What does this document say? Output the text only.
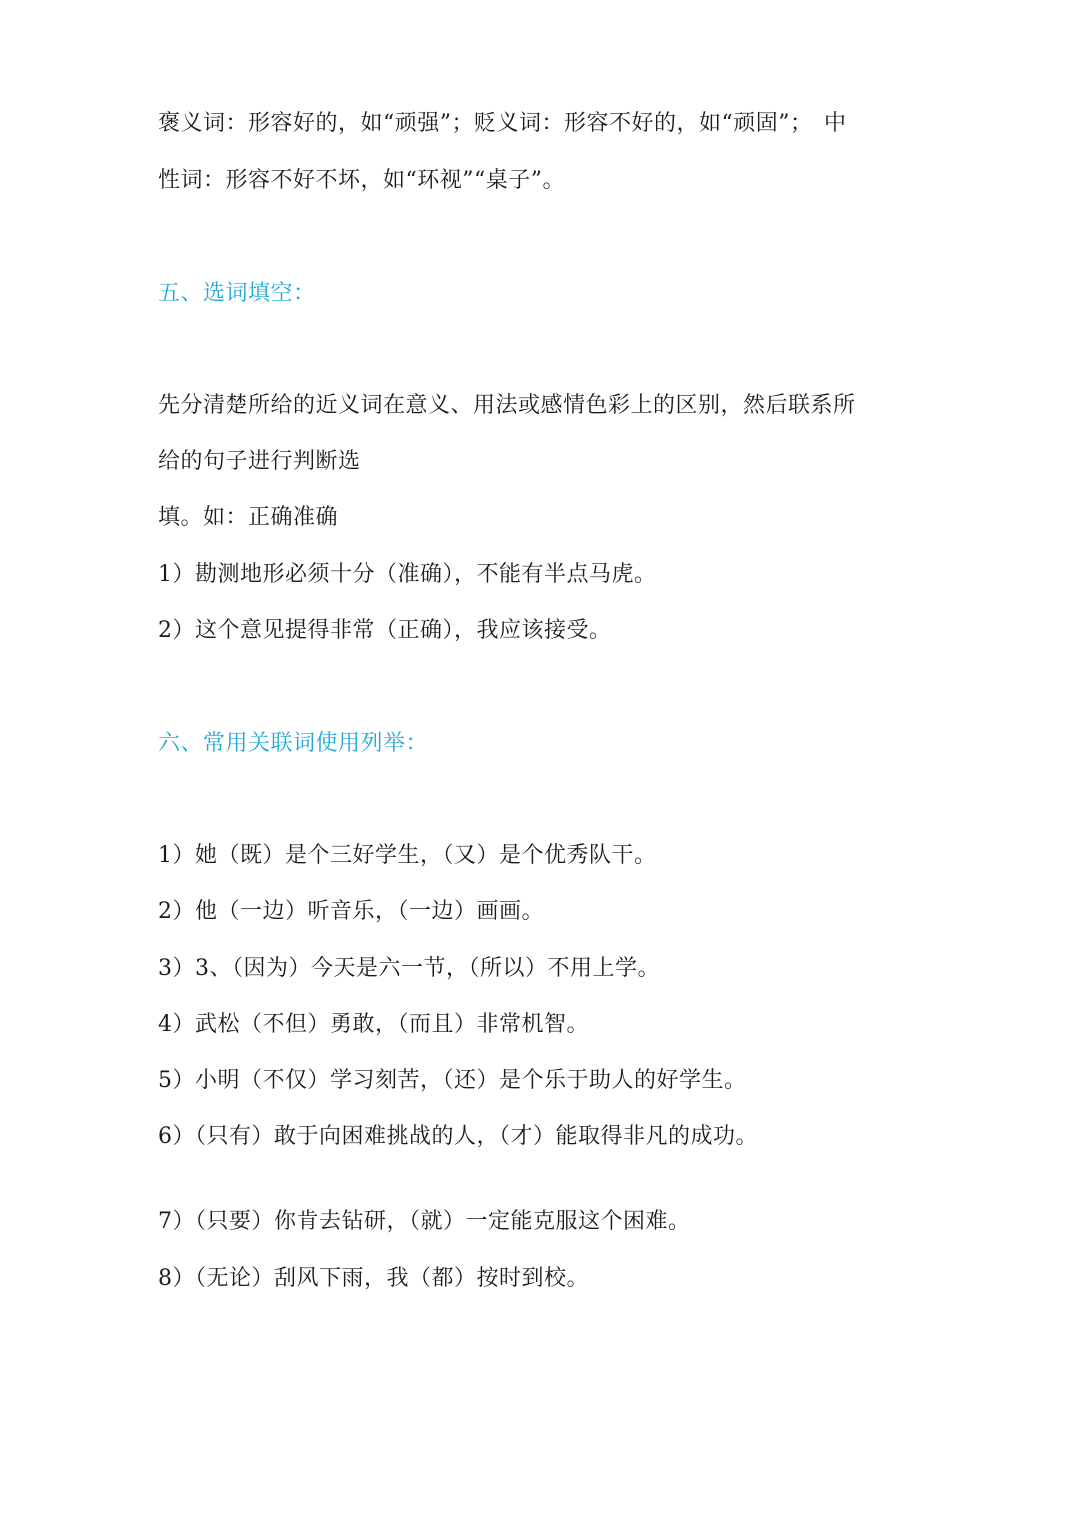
褒义词：形容好的，如“顽强”；贬义词：形容不好的，如“顽固”；　中
性词：形容不好不坏，如“环视”“桌子”。
五、选词填空：
先分清楚所给的近义词在意义、用法或感情色彩上的区别，然后联系所
给的句子进行判断选
填。如：正确准确
1）勘测地形必须十分（准确），不能有半点马虎。
2）这个意见提得非常（正确），我应该接受。
六、常用关联词使用列举：
1）她（既）是个三好学生，（又）是个优秀队干。
2）他（一边）听音乐，（一边）画画。
3）3、（因为）今天是六一节，（所以）不用上学。
4）武松（不但）勇敢，（而且）非常机智。
5）小明（不仅）学习刻苦，（还）是个乐于助人的好学生。
6）（只有）敢于向困难挑战的人，（才）能取得非凡的成功。
7）（只要）你肯去钻研，（就）一定能克服这个困难。
8）（无论）刮风下雨，我（都）按时到校。
